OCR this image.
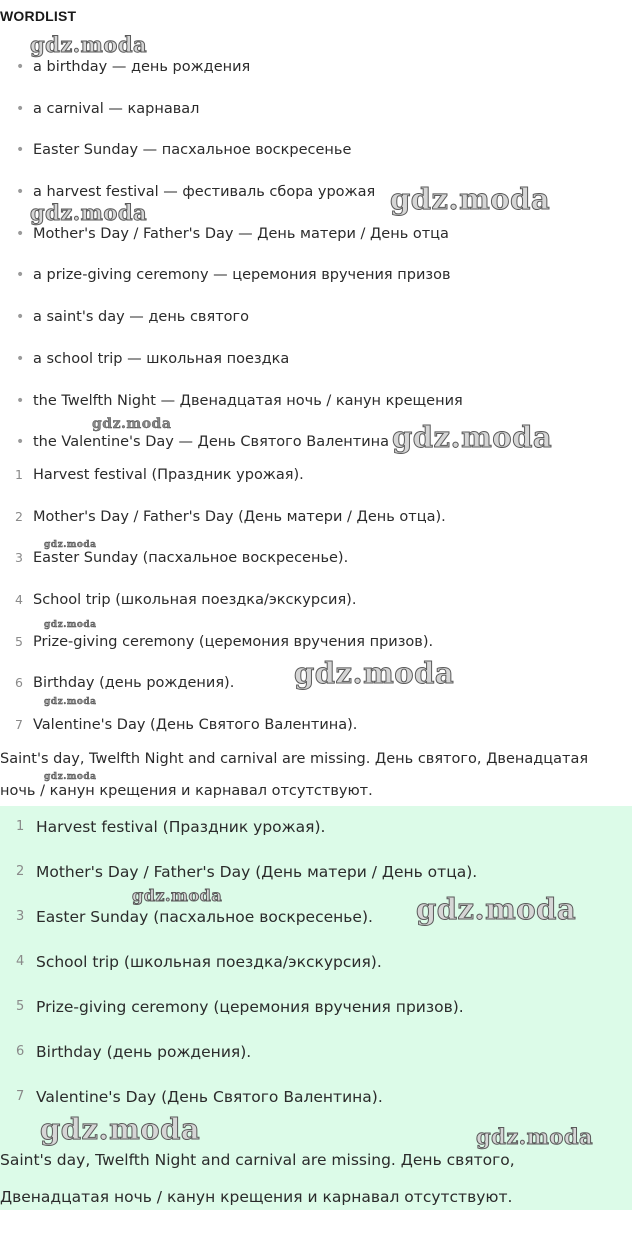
WORDLIST
• a birthday — день рождения
• a carnival — карнавал
• Easter Sunday — пасхальное воскресенье
• a harvest festival — фестиваль сбора урожая
• Mother's Day / Father's Day — День матери / День отца
• a prize-giving ceremony — церемония вручения призов
• a saint's day — день святого
• a school trip — школьная поездка
• the Twelfth Night — Двенадцатая ночь / канун крещения
• the Valentine's Day — День Святого Валентина
1 Harvest festival (Праздник урожая).
2 Mother's Day / Father's Day (День матери / День отца).
3 Easter Sunday (пасхальное воскресенье).
4 School trip (школьная поездка/экскурсия).
5 Prize-giving ceremony (церемония вручения призов).
6 Birthday (день рождения).
7 Valentine's Day (День Святого Валентина).
Saint's day, Twelfth Night and carnival are missing. День святого, Двенадцатая ночь / канун крещения и карнавал отсутствуют.
1 Harvest festival (Праздник урожая).
2 Mother's Day / Father's Day (День матери / День отца).
3 Easter Sunday (пасхальное воскресенье).
4 School trip (школьная поездка/экскурсия).
5 Prize-giving ceremony (церемония вручения призов).
6 Birthday (день рождения).
7 Valentine's Day (День Святого Валентина).
Saint's day, Twelfth Night and carnival are missing. День святого, Двенадцатая ночь / канун крещения и карнавал отсутствуют.
gdz.moda
gdz.moda	gdz.moda
gdz.moda	gdz.moda
gdz.moda
gdz.moda
gdz.moda
gdz.moda
gdz.moda
gdz.moda	gdz.moda
gdz.moda	gdz.moda
